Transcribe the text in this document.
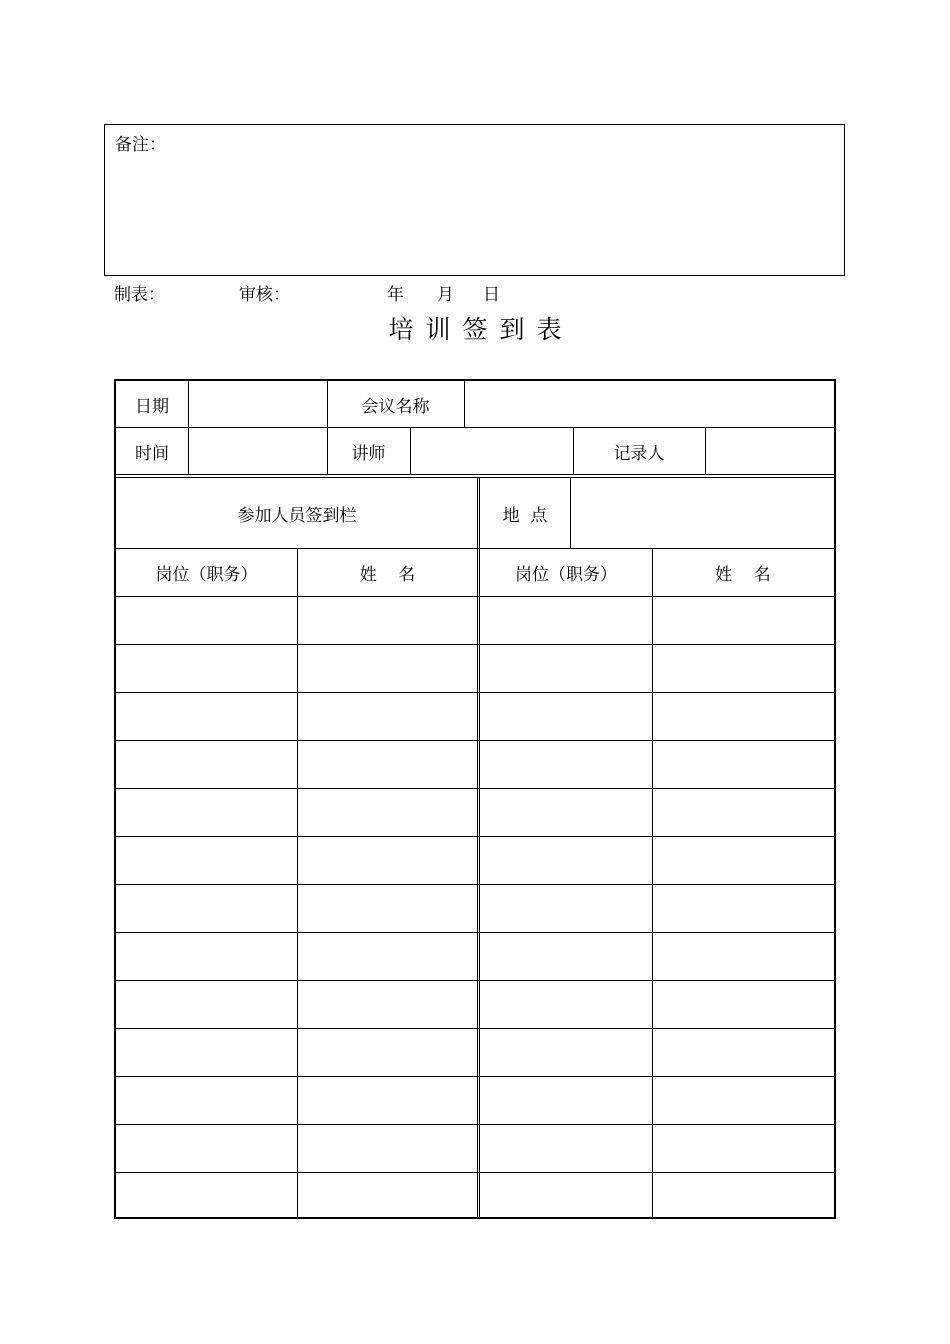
备注：
制表：	审核：	年 月 日
培训签到表
日期	会议名称
时间	讲师	记录人
参加人员签到栏	地  点
岗位（职务）	姓    名	岗位（职务）	姓    名
